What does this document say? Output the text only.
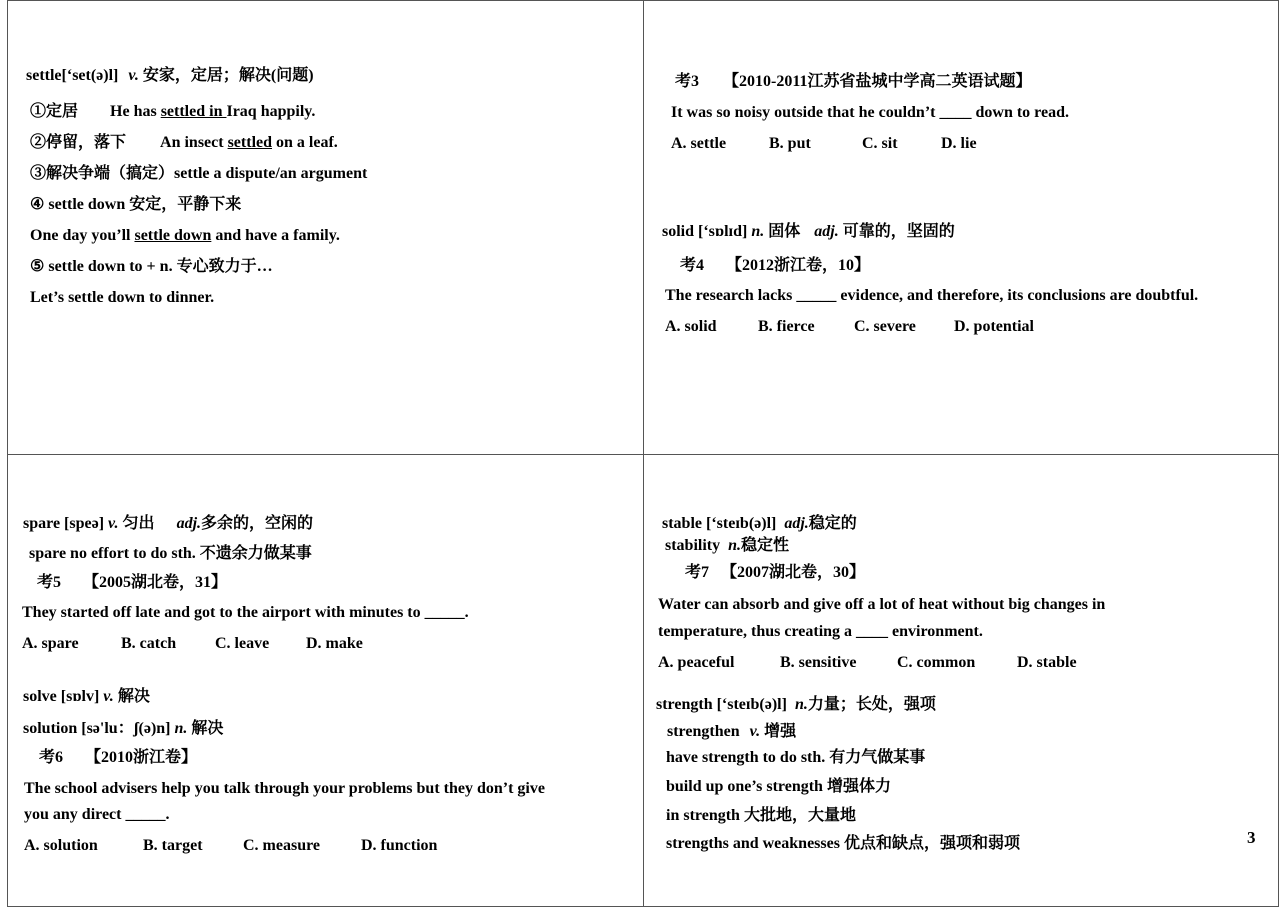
settle[‘set(ə)l] v. 安家，定居；解决(问题)
①定居 He has settled in Iraq happily.
②停留，落下 An insect settled on a leaf.
③解决争端（搞定）settle a dispute/an argument
④ settle down 安定，平静下来
One day you’ll settle down and have a family.
⑤ settle down to + n. 专心致力于…
Let’s settle down to dinner.
考3 【2010-2011江苏省盐城中学高二英语试题】
It was so noisy outside that he couldn’t ____ down to read.
A. settle	B. put	C. sit	D. lie
solid [‘sɒlɪd] n. 固体 adj. 可靠的，坚固的
考4 【2012浙江卷，10】
The research lacks _____ evidence, and therefore, its conclusions are doubtful.
A. solid	B. fierce C. severe D. potential
spare [speə] v. 匀出 adj.多余的，空闲的
spare no effort to do sth. 不遗余力做某事
考5 【2005湖北卷，31】
They started off late and got to the airport with minutes to _____.
A. spare	B. catch C. leave D. make
solve [sɒlv] v. 解决
solution [sə'lu：ʃ(ə)n] n. 解决
考6 【2010浙江卷】
The school advisers help you talk through your problems but they don’t give
you any direct _____.
A. solution	B. target	C. measure	D. function
stable [‘steɪb(ə)l] adj.稳定的
stability n.稳定性
考7 【2007湖北卷，30】
Water can absorb and give off a lot of heat without big changes in
temperature, thus creating a ____ environment.
A. peaceful	B. sensitive	C. common	D. stable
strength [‘steɪb(ə)l] n.力量；长处，强项
strengthen v. 增强
have strength to do sth. 有力气做某事
build up one’s strength 增强体力
in strength 大批地，大量地
strengths and weaknesses 优点和缺点，强项和弱项	3
